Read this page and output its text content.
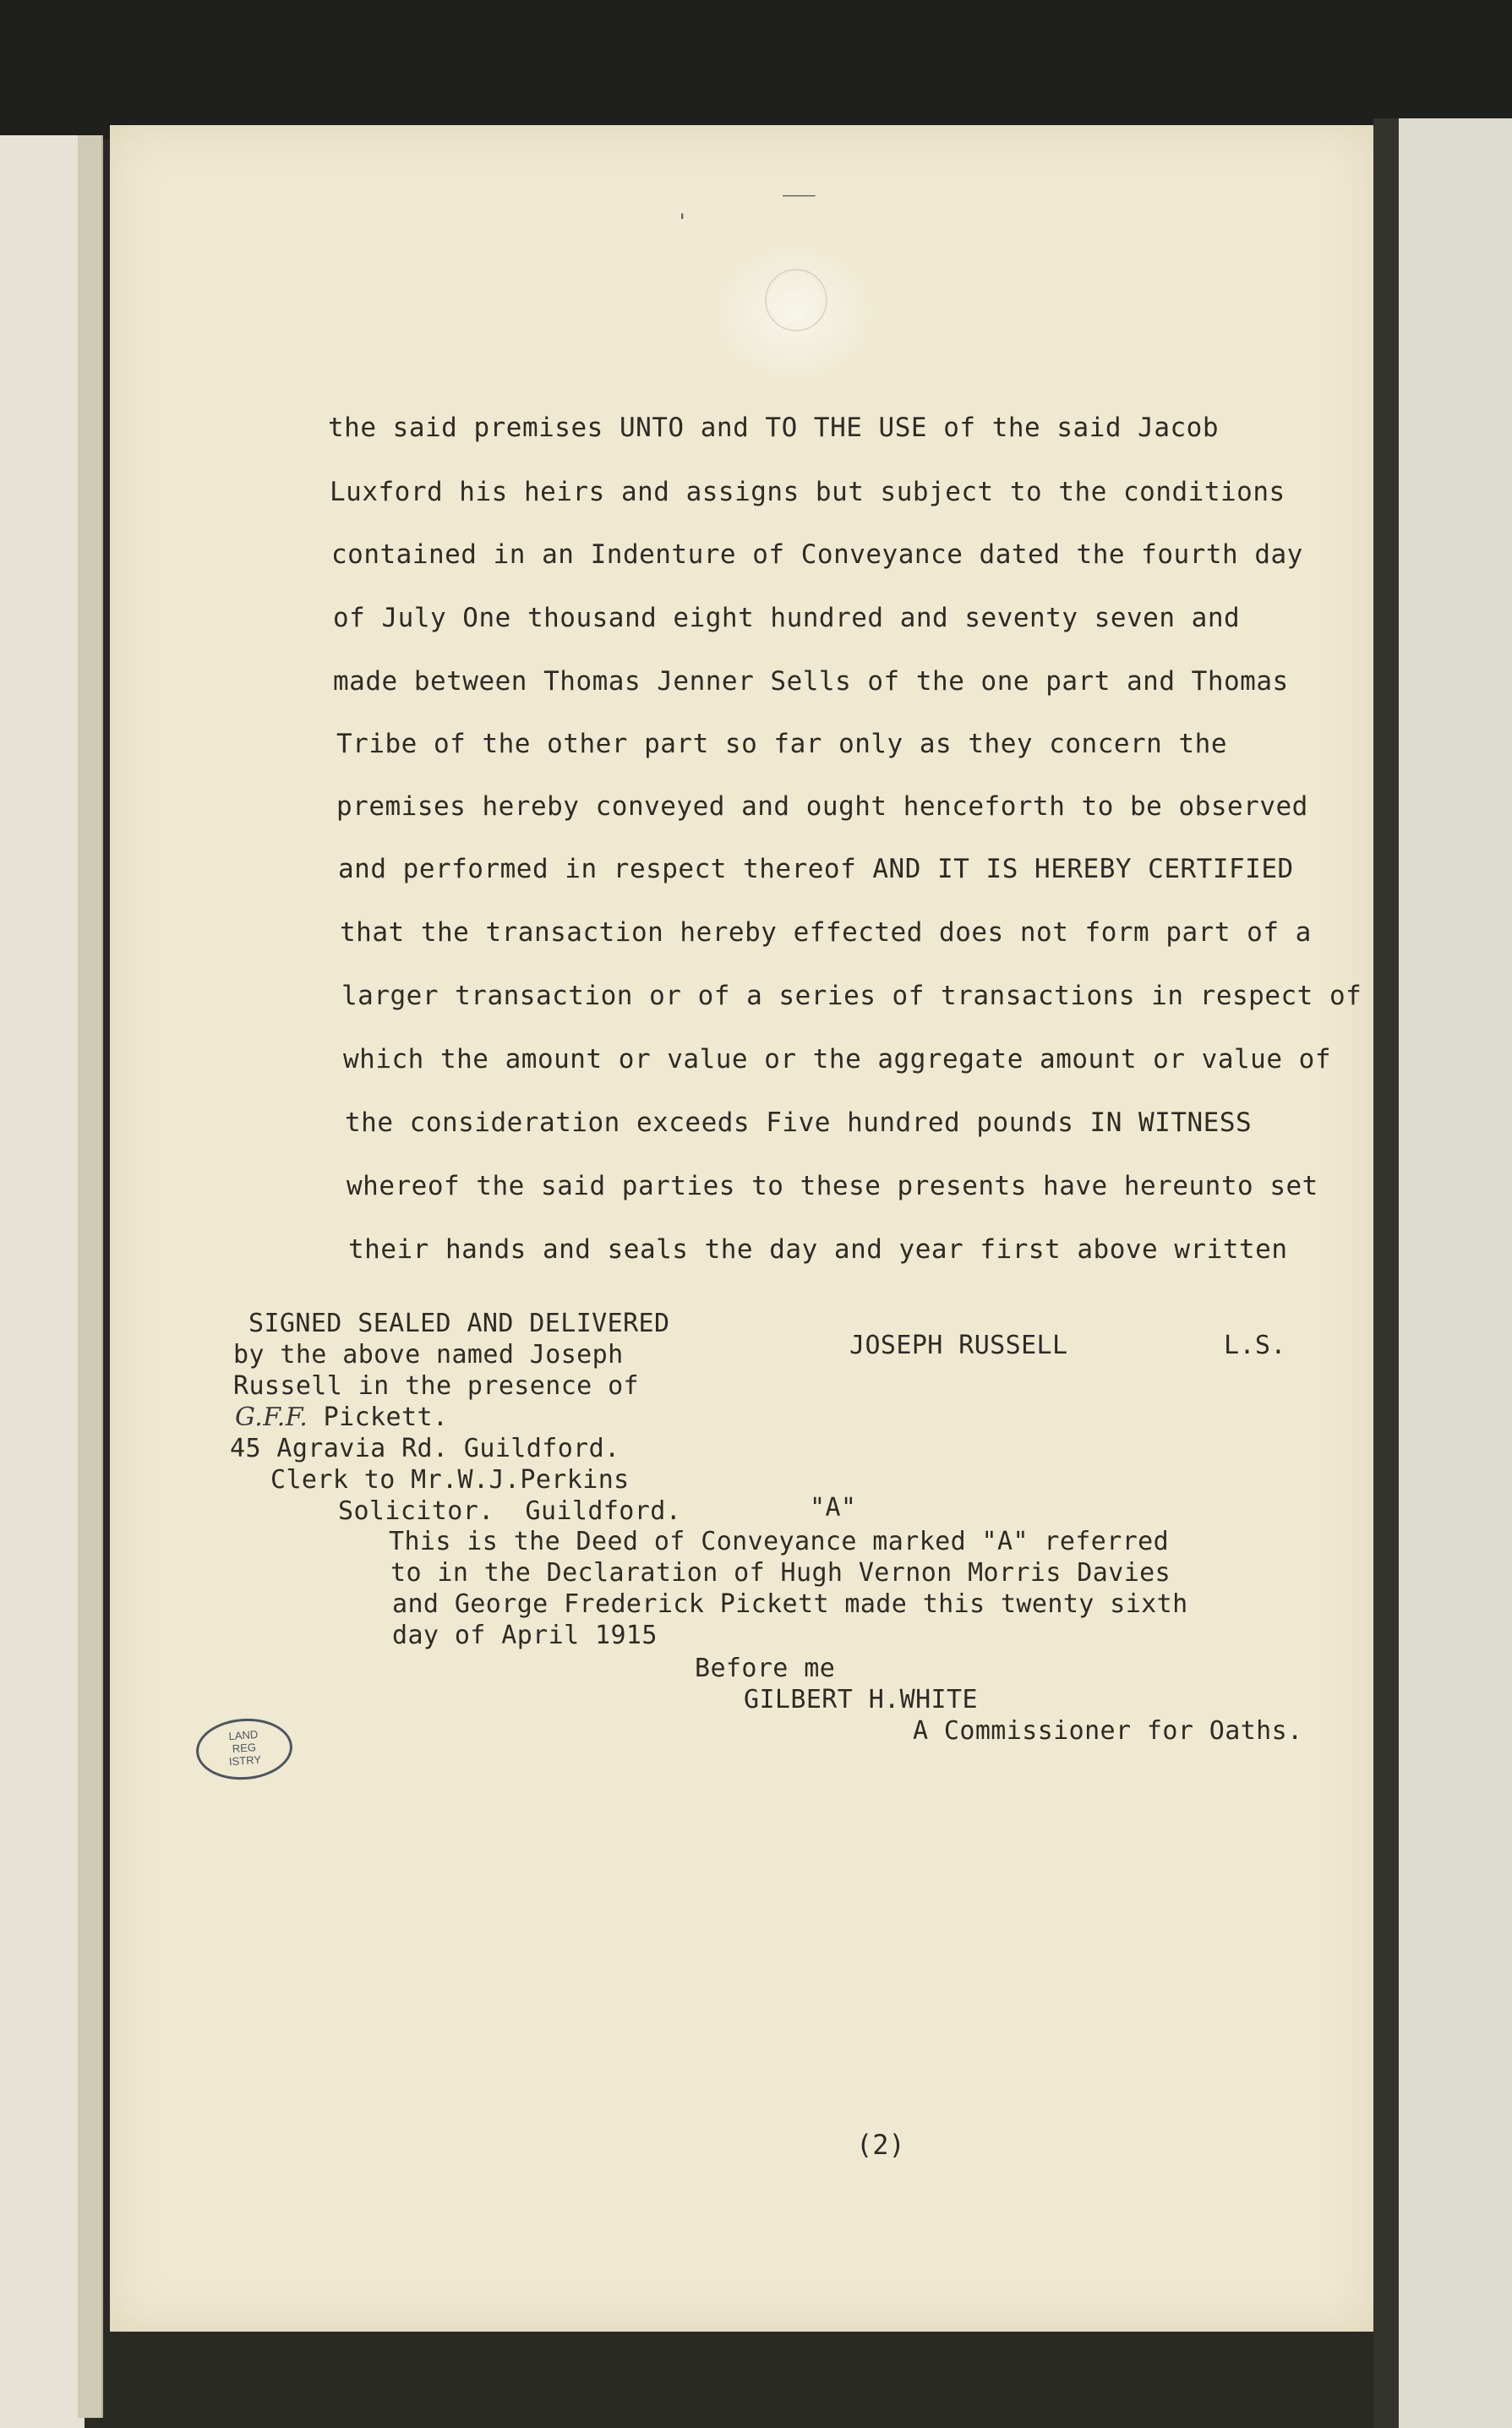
⸺
'
the said premises UNTO and TO THE USE of the said Jacob
Luxford his heirs and assigns but subject to the conditions
contained in an Indenture of Conveyance dated the fourth day
of July One thousand eight hundred and seventy seven and
made between Thomas Jenner Sells of the one part and Thomas
Tribe of the other part so far only as they concern the
premises hereby conveyed and ought henceforth to be observed
and performed in respect thereof AND IT IS HEREBY CERTIFIED
that the transaction hereby effected does not form part of a
larger transaction or of a series of transactions in respect of
which the amount or value or the aggregate amount or value of
the consideration exceeds Five hundred pounds IN WITNESS
whereof the said parties to these presents have hereunto set
their hands and seals the day and year first above written
SIGNED SEALED AND DELIVERED
by the above named Joseph
Russell in the presence of
G.F.F. Pickett.
45 Agravia Rd. Guildford.
Clerk to Mr.W.J.Perkins
Solicitor.  Guildford.
JOSEPH RUSSELL	L.S.
"A"
This is the Deed of Conveyance marked "A" referred
to in the Declaration of Hugh Vernon Morris Davies
and George Frederick Pickett made this twenty sixth
day of April 1915
Before me
GILBERT H.WHITE
A Commissioner for Oaths.
LAND
REG
ISTRY
(2)
